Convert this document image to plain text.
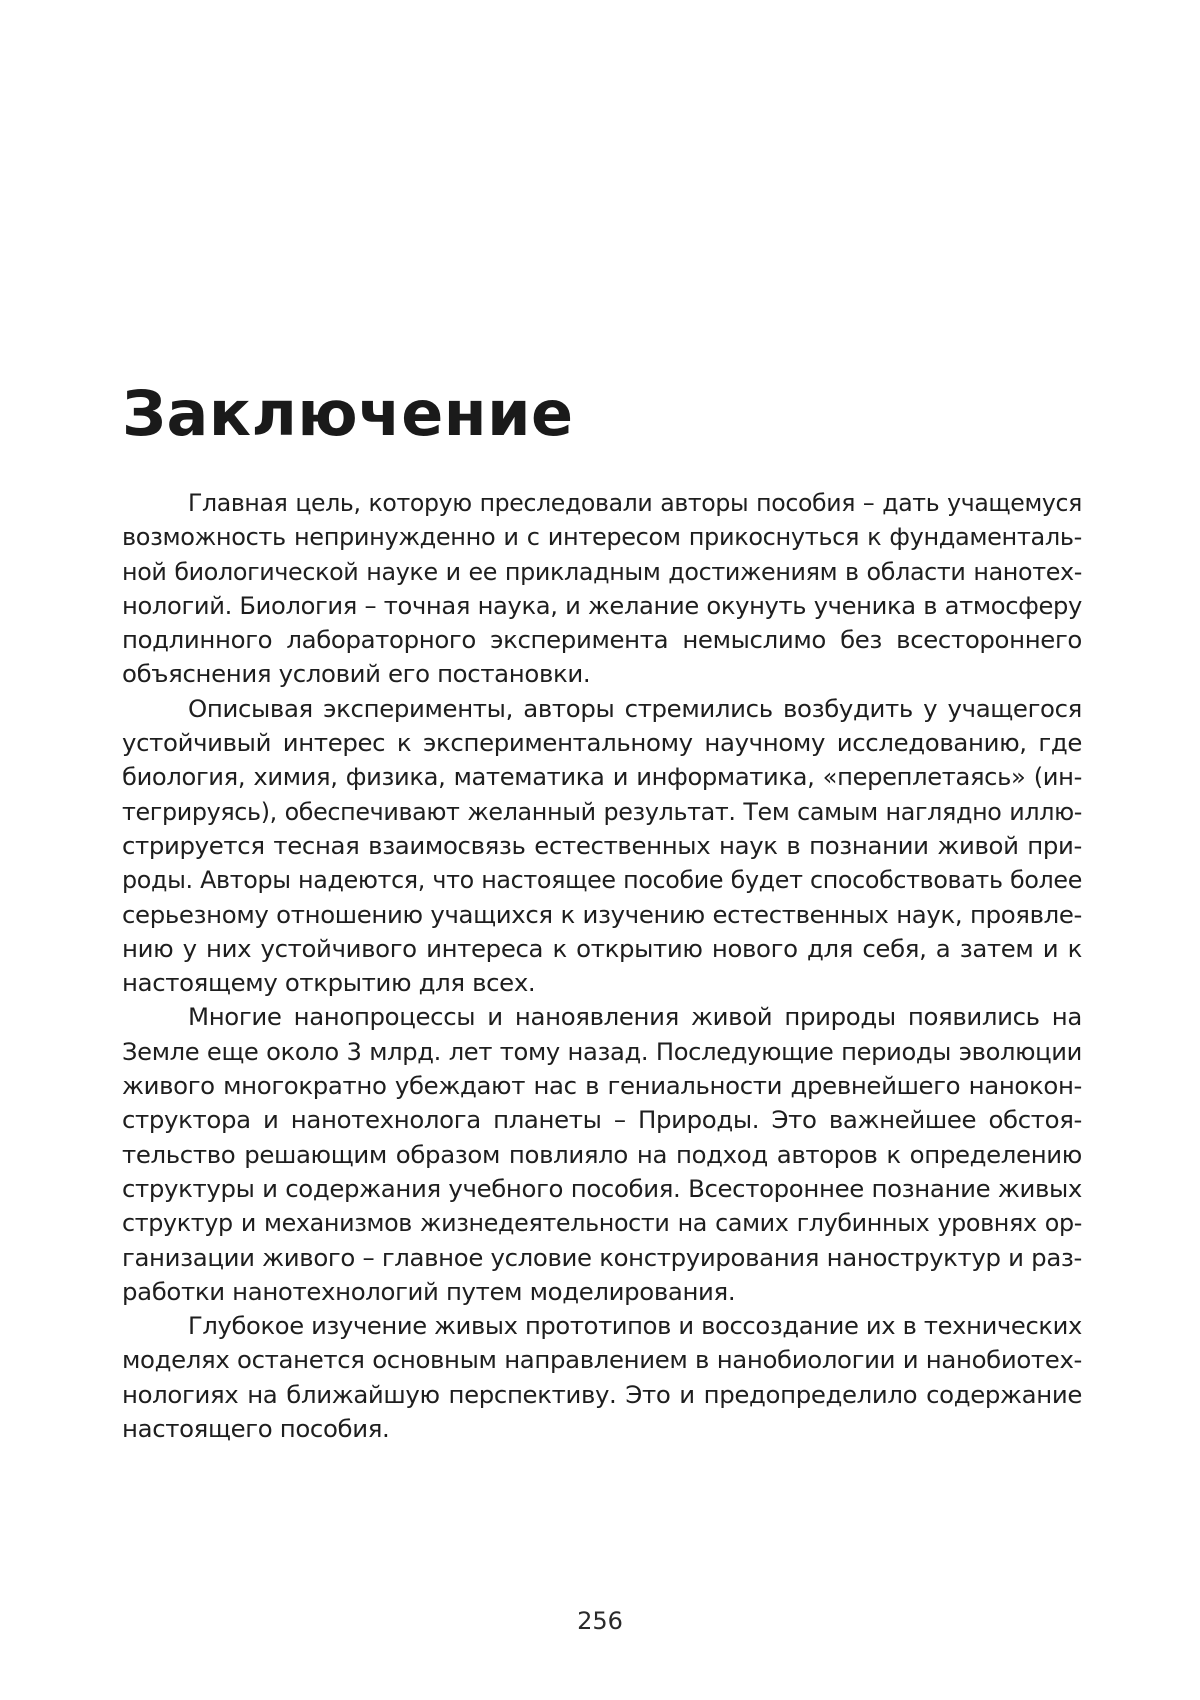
Заключение
Главная цель, которую преследовали авторы пособия – дать учащемуся
возможность непринужденно и с интересом прикоснуться к фундаменталь-
ной биологической науке и ее прикладным достижениям в области нанотех-
нологий. Биология – точная наука, и желание окунуть ученика в атмосферу
подлинного лабораторного эксперимента немыслимо без всестороннего
объяснения условий его постановки.
Описывая эксперименты, авторы стремились возбудить у учащегося
устойчивый интерес к экспериментальному научному исследованию, где
биология, химия, физика, математика и информатика, «переплетаясь» (ин-
тегрируясь), обеспечивают желанный результат. Тем самым наглядно иллю-
стрируется тесная взаимосвязь естественных наук в познании живой при-
роды. Авторы надеются, что настоящее пособие будет способствовать более
серьезному отношению учащихся к изучению естественных наук, проявле-
нию у них устойчивого интереса к открытию нового для себя, а затем и к
настоящему открытию для всех.
Многие нанопроцессы и наноявления живой природы появились на
Земле еще около 3 млрд. лет тому назад. Последующие периоды эволюции
живого многократно убеждают нас в гениальности древнейшего нанокон-
структора и нанотехнолога планеты – Природы. Это важнейшее обстоя-
тельство решающим образом повлияло на подход авторов к определению
структуры и содержания учебного пособия. Всестороннее познание живых
структур и механизмов жизнедеятельности на самих глубинных уровнях ор-
ганизации живого – главное условие конструирования наноструктур и раз-
работки нанотехнологий путем моделирования.
Глубокое изучение живых прототипов и воссоздание их в технических
моделях останется основным направлением в нанобиологии и нанобиотех-
нологиях на ближайшую перспективу. Это и предопределило содержание
настоящего пособия.
256
